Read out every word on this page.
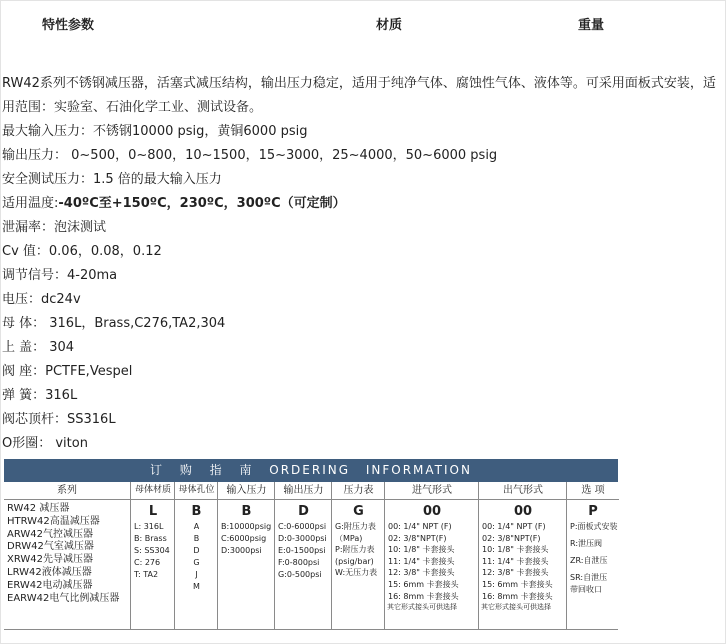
特性参数	材质	重量
RW42系列不锈钢减压器，活塞式减压结构，输出压力稳定，适用于纯净气体、腐蚀性气体、液体等。可采用面板式安装，适用范围：实验室、石油化学工业、测试设备。
最大输入压力：不锈钢10000 psig，黄铜6000 psig
输出压力： 0~500，0~800，10~1500，15~3000，25~4000，50~6000 psig
安全测试压力：1.5 倍的最大输入压力
适用温度:-40ºC至+150ºC，230ºC，300ºC（可定制）
泄漏率：泡沫测试
Cv 值：0.06，0.08，0.12
调节信号：4-20ma
电压：dc24v
母 体： 316L，Brass,C276,TA2,304
上 盖： 304
阀 座：PCTFE,Vespel
弹 簧：316L
阀芯顶杆：SS316L
O形圈： viton
订 购 指 南 ORDERING INFORMATION
系列
RW42 减压器
HTRW42高温减压器
ARW42气控减压器
DRW42气室减压器
XRW42先导减压器
LRW42液体减压器
ERW42电动减压器
EARW42电气比例减压器
母体材质
L
L: 316L
B: Brass
S: SS304
C: 276
T: TA2
母体孔位
B
A
B
D
G
J
M
输入压力
B
B:10000psig
C:6000psig
D:3000psi
输出压力
D
C:0-6000psi
D:0-3000psi
E:0-1500psi
F:0-800psi
G:0-500psi
压力表
G
G:附压力表
（MPa)
P:附压力表
(psig/bar)
W:无压力表
进气形式
00
00: 1/4" NPT (F)
02: 3/8"NPT(F)
10: 1/8" 卡套接头
11: 1/4" 卡套接头
12: 3/8" 卡套接头
15: 6mm 卡套接头
16: 8mm 卡套接头
其它形式接头可供选择
出气形式
00
00: 1/4" NPT (F)
02: 3/8"NPT(F)
10: 1/8" 卡套接头
11: 1/4" 卡套接头
12: 3/8" 卡套接头
15: 6mm 卡套接头
16: 8mm 卡套接头
其它形式接头可供选择
选 项
P
P:面板式安装
R:泄压阀
ZR:自泄压
SR:自泄压
带回收口
